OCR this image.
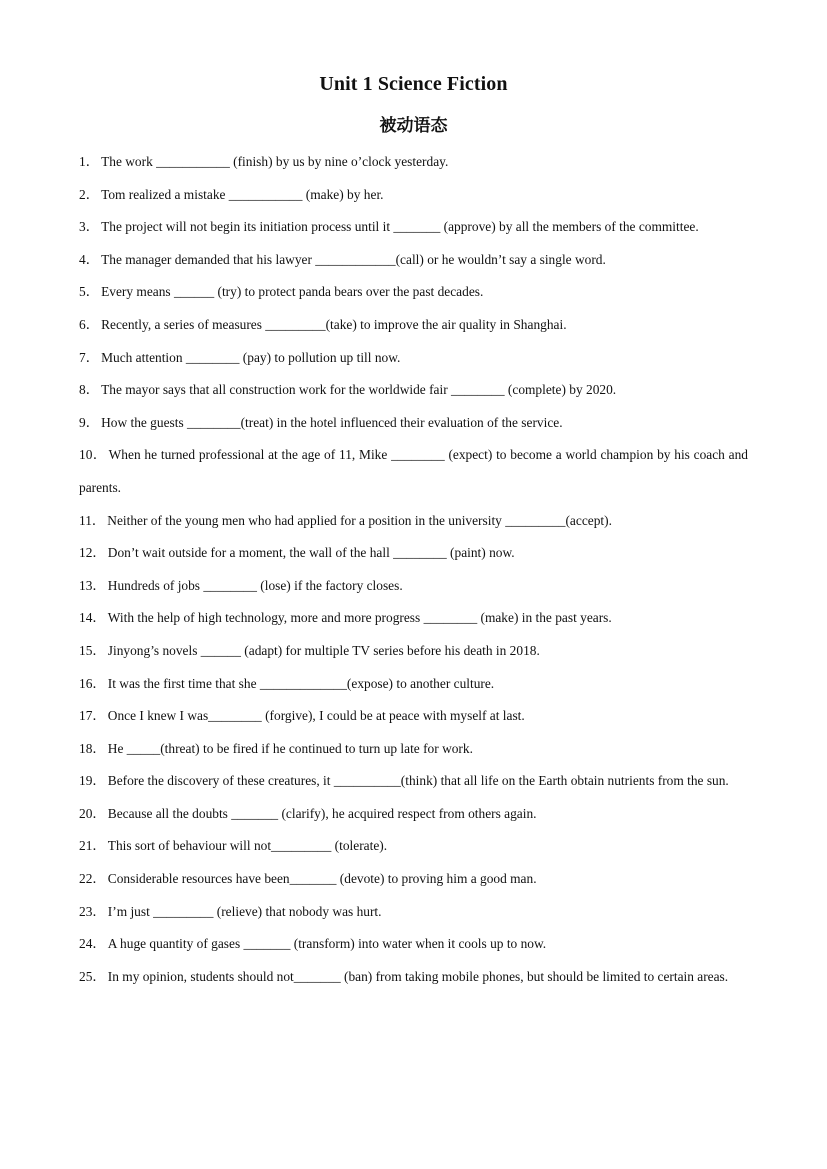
Unit 1 Science Fiction
被动语态
1． The work ___________ (finish) by us by nine o’clock yesterday.
2． Tom realized a mistake ___________ (make) by her.
3． The project will not begin its initiation process until it _______ (approve) by all the members of the committee.
4． The manager demanded that his lawyer ____________(call) or he wouldn’t say a single word.
5． Every means ______ (try) to protect panda bears over the past decades.
6． Recently, a series of measures _________(take) to improve the air quality in Shanghai.
7． Much attention ________ (pay) to pollution up till now.
8． The mayor says that all construction work for the worldwide fair ________ (complete) by 2020.
9． How the guests ________(treat) in the hotel influenced their evaluation of the service.
10． When he turned professional at the age of 11, Mike ________ (expect) to become a world champion by his coach and parents.
11． Neither of the young men who had applied for a position in the university _________(accept).
12． Don’t wait outside for a moment, the wall of the hall ________ (paint) now.
13． Hundreds of jobs ________ (lose) if the factory closes.
14． With the help of high technology, more and more progress ________ (make) in the past years.
15． Jinyong’s novels ______ (adapt) for multiple TV series before his death in 2018.
16． It was the first time that she _____________(expose) to another culture.
17． Once I knew I was________ (forgive), I could be at peace with myself at last.
18． He _____(threat) to be fired if he continued to turn up late for work.
19． Before the discovery of these creatures, it __________(think) that all life on the Earth obtain nutrients from the sun.
20． Because all the doubts _______ (clarify), he acquired respect from others again.
21． This sort of behaviour will not_________ (tolerate).
22． Considerable resources have been_______ (devote) to proving him a good man.
23． I’m just _________ (relieve) that nobody was hurt.
24． A huge quantity of gases _______ (transform) into water when it cools up to now.
25． In my opinion, students should not_______ (ban) from taking mobile phones, but should be limited to certain areas.
